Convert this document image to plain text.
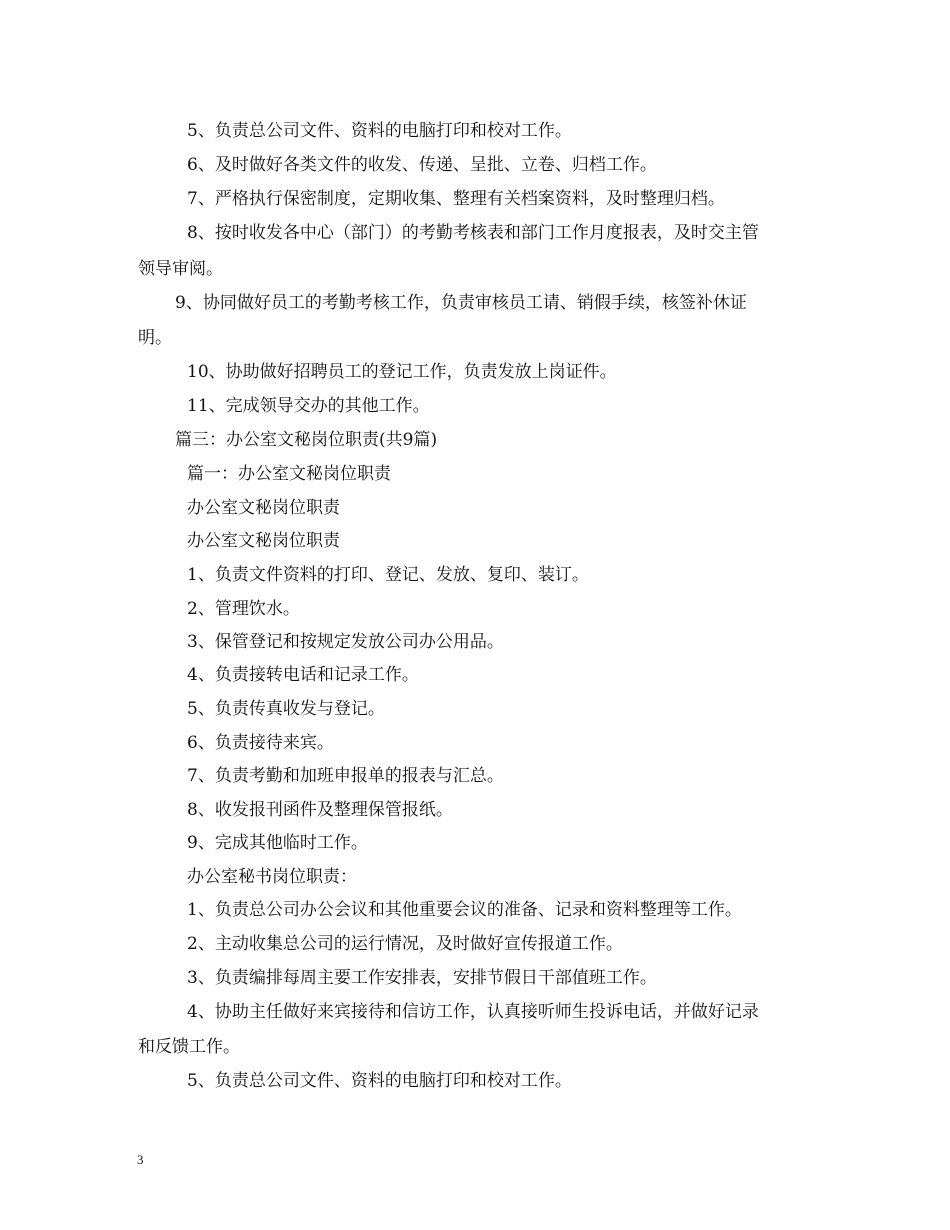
5、负责总公司文件、资料的电脑打印和校对工作。
6、及时做好各类文件的收发、传递、呈批、立卷、归档工作。
7、严格执行保密制度，定期收集、整理有关档案资料，及时整理归档。
8、按时收发各中心（部门）的考勤考核表和部门工作月度报表，及时交主管
领导审阅。
9、协同做好员工的考勤考核工作，负责审核员工请、销假手续，核签补休证
明。
10、协助做好招聘员工的登记工作，负责发放上岗证件。
11、完成领导交办的其他工作。
篇三：办公室文秘岗位职责(共9篇)
篇一：办公室文秘岗位职责
办公室文秘岗位职责
办公室文秘岗位职责
1、负责文件资料的打印、登记、发放、复印、装订。
2、管理饮水。
3、保管登记和按规定发放公司办公用品。
4、负责接转电话和记录工作。
5、负责传真收发与登记。
6、负责接待来宾。
7、负责考勤和加班申报单的报表与汇总。
8、收发报刊函件及整理保管报纸。
9、完成其他临时工作。
办公室秘书岗位职责：
1、负责总公司办公会议和其他重要会议的准备、记录和资料整理等工作。
2、主动收集总公司的运行情况，及时做好宣传报道工作。
3、负责编排每周主要工作安排表，安排节假日干部值班工作。
4、协助主任做好来宾接待和信访工作，认真接听师生投诉电话，并做好记录
和反馈工作。
5、负责总公司文件、资料的电脑打印和校对工作。
3
